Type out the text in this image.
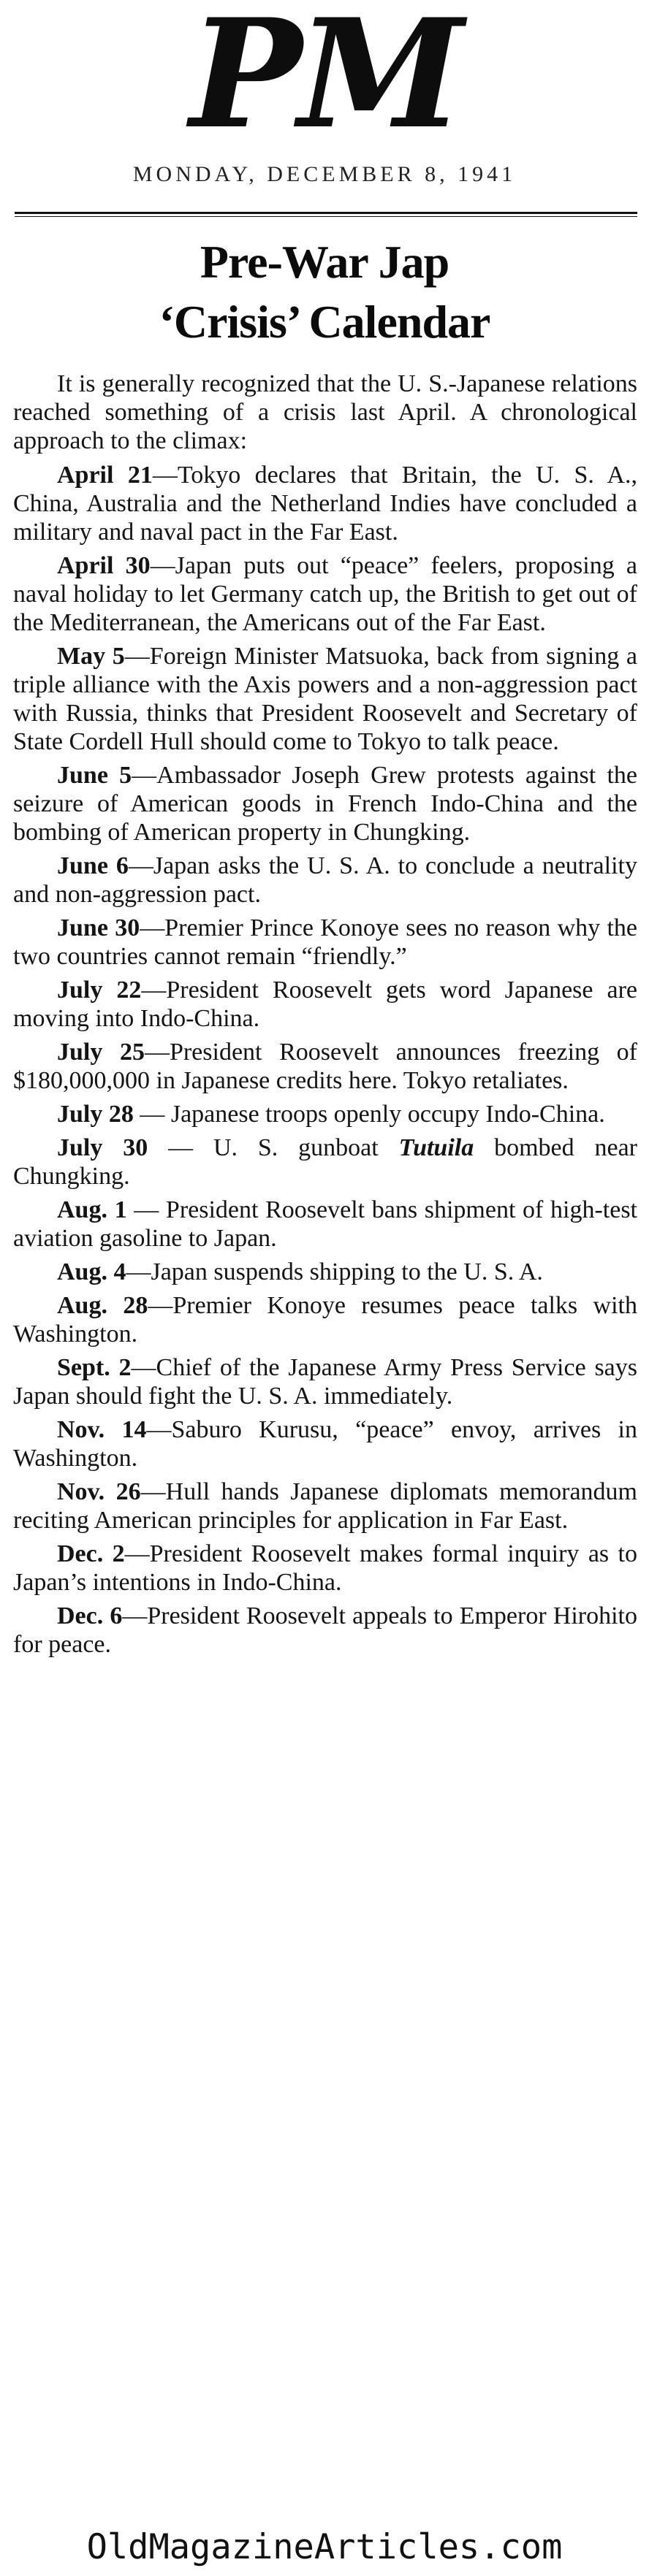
PM
MONDAY, DECEMBER 8, 1941
Pre-War Jap
‘Crisis’ Calendar

It is generally recognized that the U. S.-Japanese relations reached something of a crisis last April. A chronological approach to the climax:

April 21—Tokyo declares that Britain, the U. S. A., China, Australia and the Netherland Indies have concluded a military and naval pact in the Far East.

April 30—Japan puts out “peace” feelers, proposing a naval holiday to let Germany catch up, the British to get out of the Mediterranean, the Americans out of the Far East.

May 5—Foreign Minister Matsuoka, back from signing a triple alliance with the Axis powers and a non-aggression pact with Russia, thinks that President Roosevelt and Secretary of State Cordell Hull should come to Tokyo to talk peace.

June 5—Ambassador Joseph Grew protests against the seizure of American goods in French Indo-China and the bombing of American property in Chungking.

June 6—Japan asks the U. S. A. to conclude a neutrality and non-aggression pact.

June 30—Premier Prince Konoye sees no reason why the two countries cannot remain “friendly.”

July 22—President Roosevelt gets word Japanese are moving into Indo-China.

July 25—President Roosevelt announces freezing of $180,000,000 in Japanese credits here. Tokyo retaliates.

July 28 — Japanese troops openly occupy Indo-China.

July 30 — U. S. gunboat Tutuila bombed near Chungking.

Aug. 1 — President Roosevelt bans shipment of high-test aviation gasoline to Japan.

Aug. 4—Japan suspends shipping to the U. S. A.

Aug. 28—Premier Konoye resumes peace talks with Washington.

Sept. 2—Chief of the Japanese Army Press Service says Japan should fight the U. S. A. immediately.

Nov. 14—Saburo Kurusu, “peace” envoy, arrives in Washington.

Nov. 26—Hull hands Japanese diplomats memorandum reciting American principles for application in Far East.

Dec. 2—President Roosevelt makes formal inquiry as to Japan’s intentions in Indo-China.

Dec. 6—President Roosevelt appeals to Emperor Hirohito for peace.

OldMagazineArticles.com
